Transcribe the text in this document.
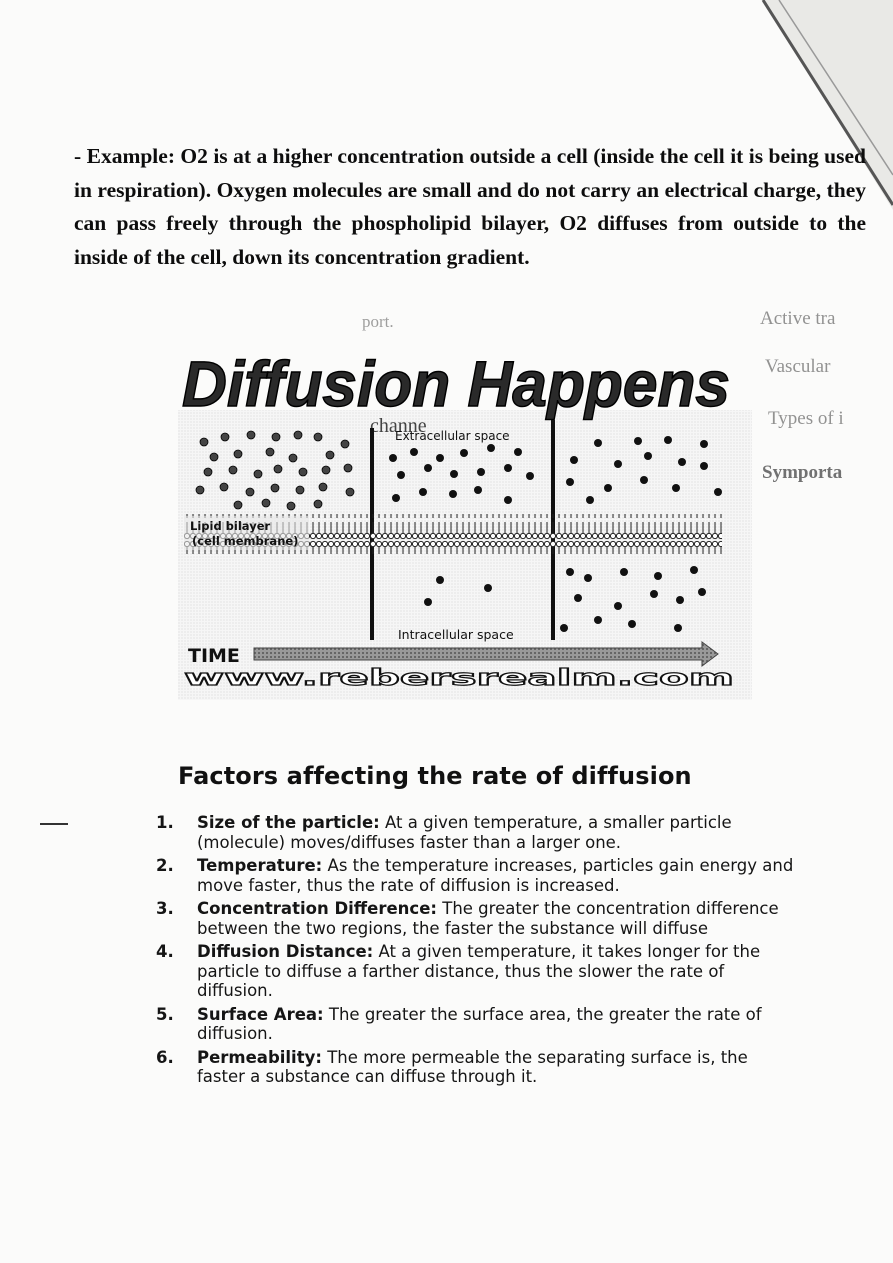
- Example: O2 is at a higher concentration outside a cell (inside the cell it is being used in respiration). Oxygen molecules are small and do not carry an electrical charge, they can pass freely through the phospholipid bilayer, O2 diffuses from outside to the inside of the cell, down its concentration gradient.
port.	Active tra
Vascular
Types of i
Symporta
Diffusion Happens
channe
Lipid bilayer
(cell membrane)
Extracellular space
Intracellular space
TIME
www.rebersrealm.com
Factors affecting the rate of diffusion
1. Size of the particle: At a given temperature, a smaller particle (molecule) moves/diffuses faster than a larger one.
2. Temperature: As the temperature increases, particles gain energy and move faster, thus the rate of diffusion is increased.
3. Concentration Difference: The greater the concentration difference between the two regions, the faster the substance will diffuse
4. Diffusion Distance: At a given temperature, it takes longer for the particle to diffuse a farther distance, thus the slower the rate of diffusion.
5. Surface Area: The greater the surface area, the greater the rate of diffusion.
6. Permeability: The more permeable the separating surface is, the faster a substance can diffuse through it.
